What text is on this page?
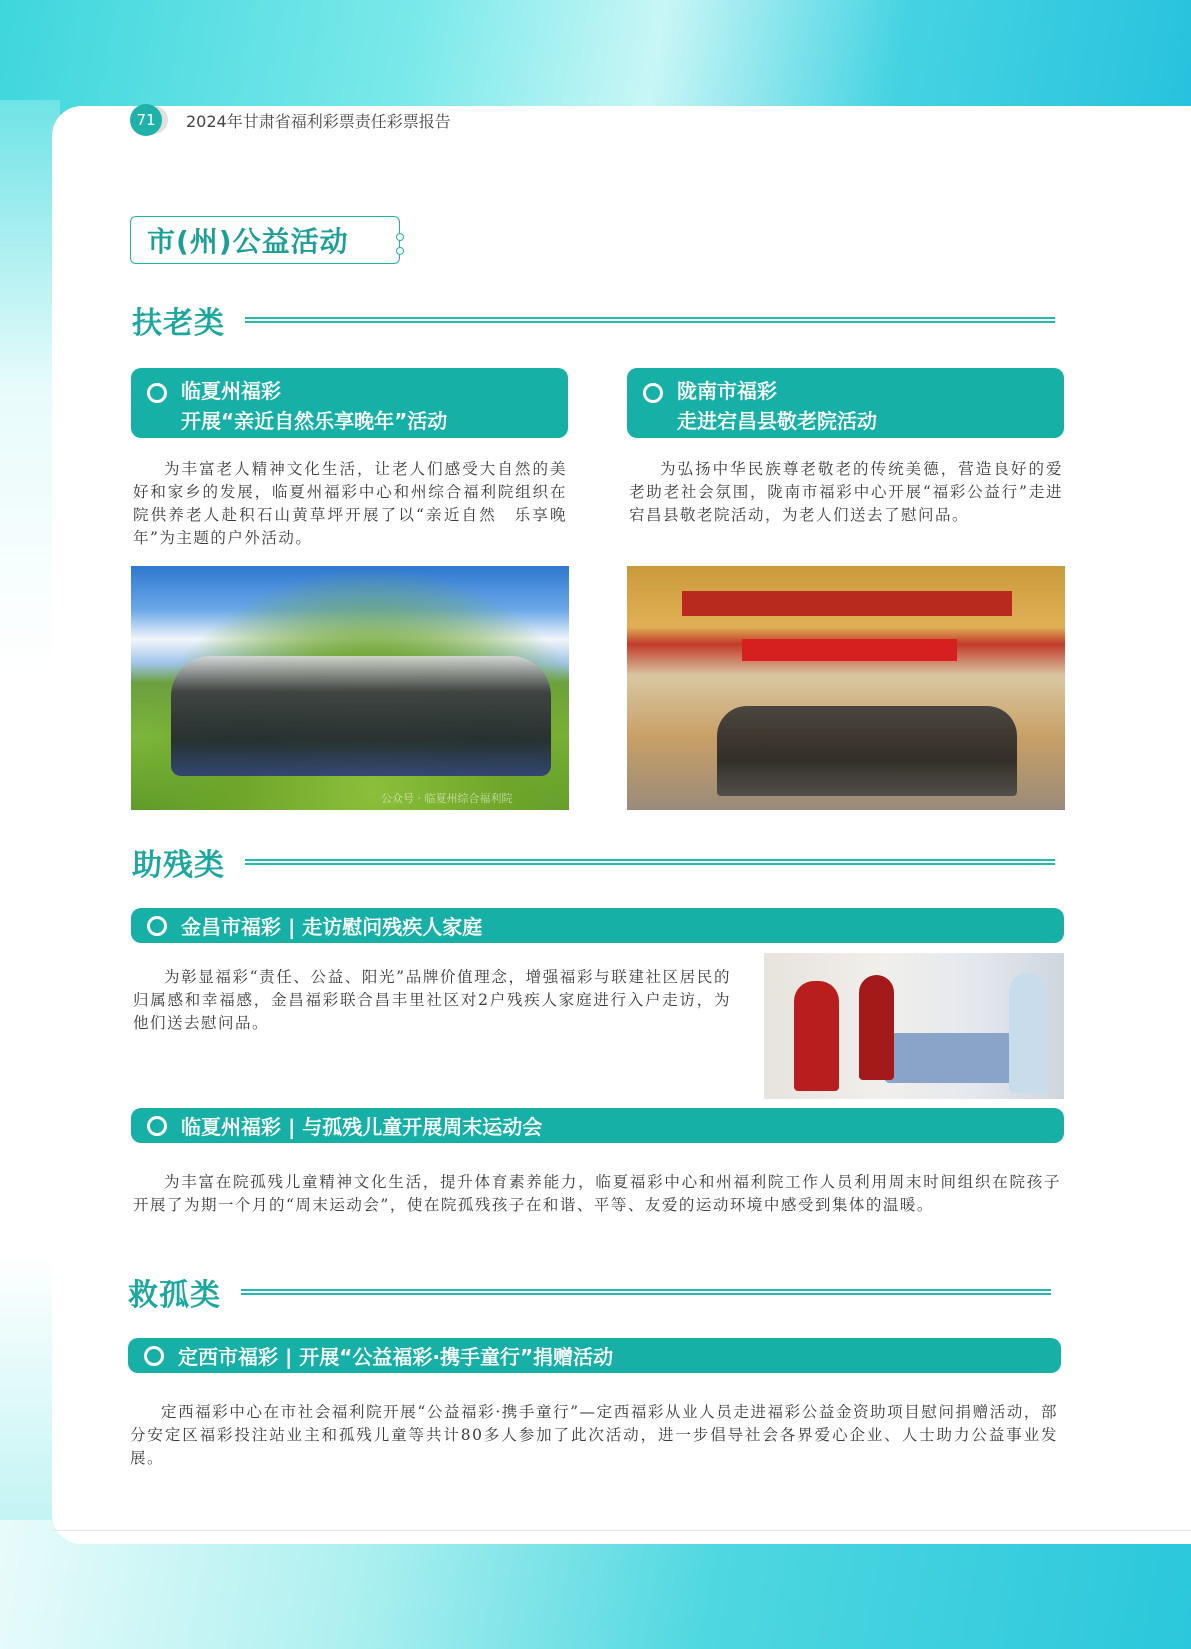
71	2024年甘肃省福利彩票责任彩票报告
市(州)公益活动
扶老类
临夏州福彩
开展“亲近自然乐享晚年”活动

为丰富老人精神文化生活，让老人们感受大自然的美好和家乡的发展，临夏州福彩中心和州综合福利院组织在院供养老人赴积石山黄草坪开展了以“亲近自然　乐享晚年”为主题的户外活动。

公众号 · 临夏州综合福利院
陇南市福彩
走进宕昌县敬老院活动

为弘扬中华民族尊老敬老的传统美德，营造良好的爱老助老社会氛围，陇南市福彩中心开展“福彩公益行”走进宕昌县敬老院活动，为老人们送去了慰问品。

助残类
金昌市福彩 | 走访慰问残疾人家庭

为彰显福彩“责任、公益、阳光”品牌价值理念，增强福彩与联建社区居民的归属感和幸福感，金昌福彩联合昌丰里社区对2户残疾人家庭进行入户走访，为他们送去慰问品。

临夏州福彩 | 与孤残儿童开展周末运动会

为丰富在院孤残儿童精神文化生活，提升体育素养能力，临夏福彩中心和州福利院工作人员利用周末时间组织在院孩子开展了为期一个月的“周末运动会”，使在院孤残孩子在和谐、平等、友爱的运动环境中感受到集体的温暖。

救孤类
定西市福彩 | 开展“公益福彩·携手童行”捐赠活动

定西福彩中心在市社会福利院开展“公益福彩·携手童行”—定西福彩从业人员走进福彩公益金资助项目慰问捐赠活动，部分安定区福彩投注站业主和孤残儿童等共计80多人参加了此次活动，进一步倡导社会各界爱心企业、人士助力公益事业发展。
